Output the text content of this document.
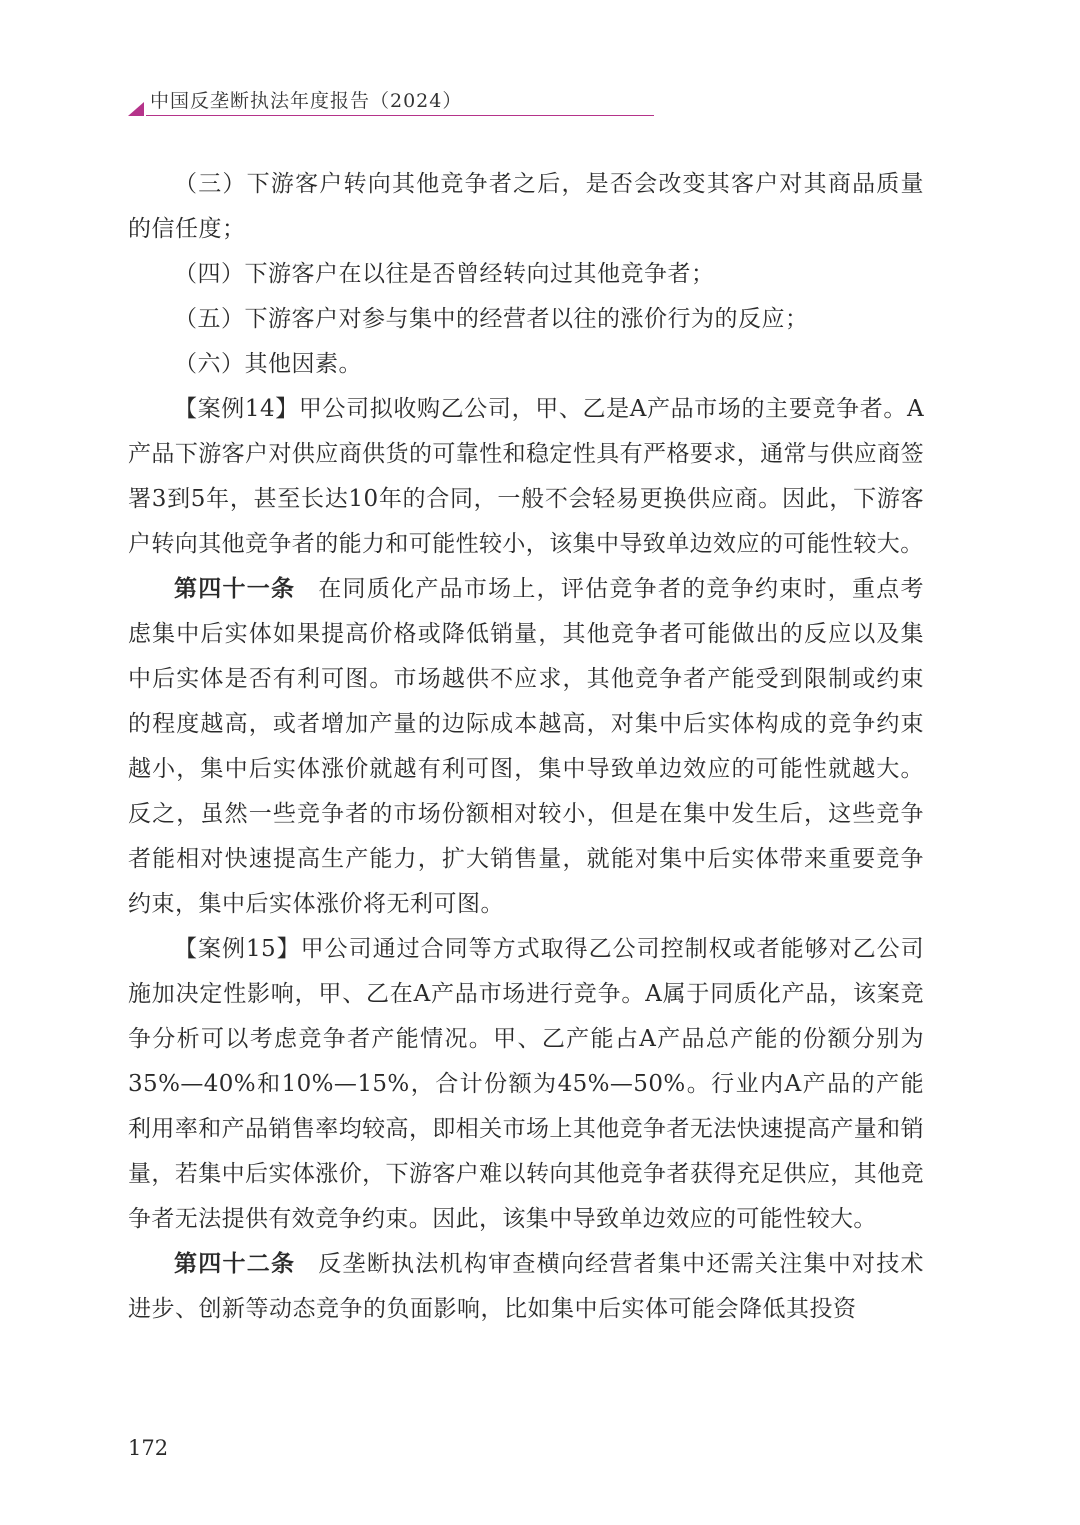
中国反垄断执法年度报告（2024）

（三）下游客户转向其他竞争者之后，是否会改变其客户对其商品质量的信任度；

（四）下游客户在以往是否曾经转向过其他竞争者；

（五）下游客户对参与集中的经营者以往的涨价行为的反应；

（六）其他因素。

【案例14】甲公司拟收购乙公司，甲、乙是A产品市场的主要竞争者。A产品下游客户对供应商供货的可靠性和稳定性具有严格要求，通常与供应商签署3到5年，甚至长达10年的合同，一般不会轻易更换供应商。因此，下游客户转向其他竞争者的能力和可能性较小，该集中导致单边效应的可能性较大。

第四十一条 在同质化产品市场上，评估竞争者的竞争约束时，重点考虑集中后实体如果提高价格或降低销量，其他竞争者可能做出的反应以及集中后实体是否有利可图。市场越供不应求，其他竞争者产能受到限制或约束的程度越高，或者增加产量的边际成本越高，对集中后实体构成的竞争约束越小，集中后实体涨价就越有利可图，集中导致单边效应的可能性就越大。反之，虽然一些竞争者的市场份额相对较小，但是在集中发生后，这些竞争者能相对快速提高生产能力，扩大销售量，就能对集中后实体带来重要竞争约束，集中后实体涨价将无利可图。

【案例15】甲公司通过合同等方式取得乙公司控制权或者能够对乙公司施加决定性影响，甲、乙在A产品市场进行竞争。A属于同质化产品，该案竞争分析可以考虑竞争者产能情况。甲、乙产能占A产品总产能的份额分别为35%—40%和10%—15%，合计份额为45%—50%。行业内A产品的产能利用率和产品销售率均较高，即相关市场上其他竞争者无法快速提高产量和销量，若集中后实体涨价，下游客户难以转向其他竞争者获得充足供应，其他竞争者无法提供有效竞争约束。因此，该集中导致单边效应的可能性较大。

第四十二条 反垄断执法机构审查横向经营者集中还需关注集中对技术进步、创新等动态竞争的负面影响，比如集中后实体可能会降低其投资

172
